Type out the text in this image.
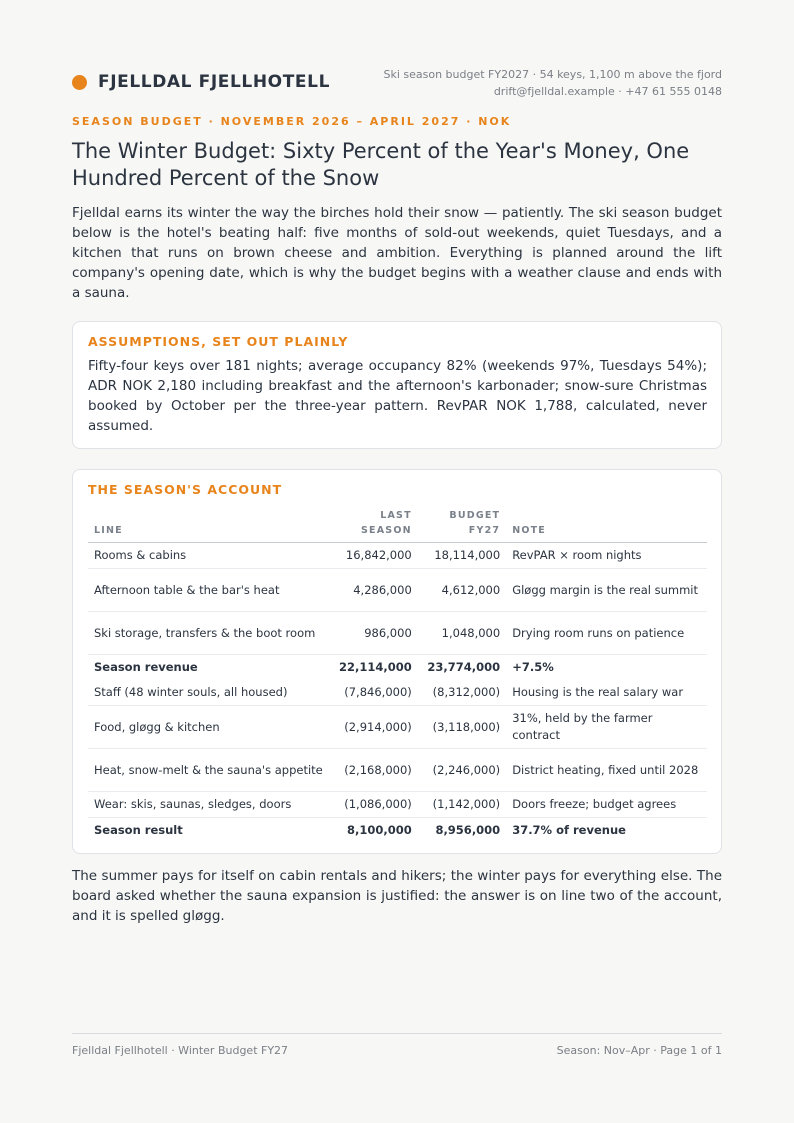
FJELLDAL FJELLHOTELL	Ski season budget FY2027 · 54 keys, 1,100 m above the fjord
drift@fjelldal.example · +47 61 555 0148
SEASON BUDGET · NOVEMBER 2026 – APRIL 2027 · NOK
The Winter Budget: Sixty Percent of the Year's Money, One Hundred Percent of the Snow

Fjelldal earns its winter the way the birches hold their snow — patiently. The ski season budget below is the hotel's beating half: five months of sold-out weekends, quiet Tuesdays, and a kitchen that runs on brown cheese and ambition. Everything is planned around the lift company's opening date, which is why the budget begins with a weather clause and ends with a sauna.

ASSUMPTIONS, SET OUT PLAINLY

Fifty-four keys over 181 nights; average occupancy 82% (weekends 97%, Tuesdays 54%); ADR NOK 2,180 including breakfast and the afternoon's karbonader; snow-sure Christmas booked by October per the three-year pattern. RevPAR NOK 1,788, calculated, never assumed.

THE SEASON'S ACCOUNT
LINE	LAST SEASON	BUDGET FY27	NOTE
Rooms & cabins	16,842,000	18,114,000	RevPAR × room nights
Afternoon table & the bar's heat	4,286,000	4,612,000	Gløgg margin is the real summit
Ski storage, transfers & the boot room	986,000	1,048,000	Drying room runs on patience
Season revenue	22,114,000	23,774,000	+7.5%
Staff (48 winter souls, all housed)	(7,846,000)	(8,312,000)	Housing is the real salary war
Food, gløgg & kitchen	(2,914,000)	(3,118,000)	31%, held by the farmer contract
Heat, snow-melt & the sauna's appetite	(2,168,000)	(2,246,000)	District heating, fixed until 2028
Wear: skis, saunas, sledges, doors	(1,086,000)	(1,142,000)	Doors freeze; budget agrees
Season result	8,100,000	8,956,000	37.7% of revenue

The summer pays for itself on cabin rentals and hikers; the winter pays for everything else. The board asked whether the sauna expansion is justified: the answer is on line two of the account, and it is spelled gløgg.

Fjelldal Fjellhotell · Winter Budget FY27	Season: Nov–Apr · Page 1 of 1
